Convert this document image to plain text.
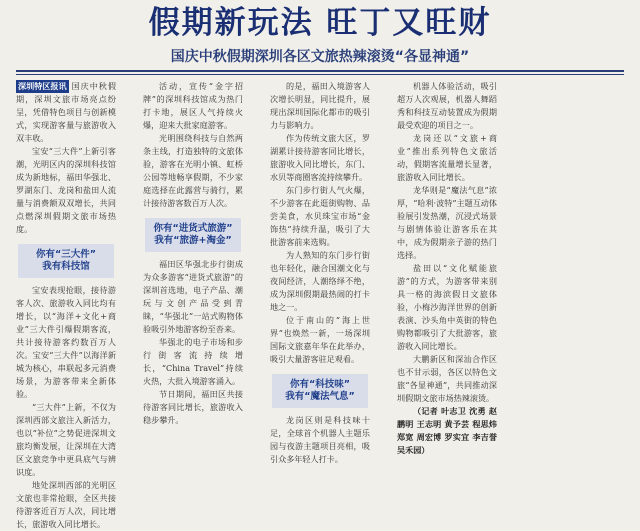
假期新玩法 旺丁又旺财
国庆中秋假期深圳各区文旅热辣滚烫“各显神通”

深圳特区报讯 国庆中秋假期，深圳文旅市场亮点纷呈，凭借特色项目与创新模式，实现游客量与旅游收入双丰收。

宝安“三大件”上新引客潮，光明区内的深圳科技馆成为新地标，福田华强北、罗湖东门、龙岗和盐田人流量与消费额双双增长，共同点燃深圳假期文旅市场热度。

你有“三大件”
我有科技馆

宝安表现抢眼，接待游客人次、旅游收入同比均有增长，以“海洋+文化+商业”三大件引爆假期客流，共计接待游客约数百万人次。宝安“三大件”以海洋新城为核心，串联起多元消费场景，为游客带来全新体验。

“三大件”上新，不仅为深圳西部文旅注入新活力，也以“补位”之势促进深圳文旅均衡发展，让深圳在大湾区文旅竞争中更具底气与辨识度。

地处深圳西部的光明区文旅也非常抢眼，全区共接待游客近百万人次，同比增长，旅游收入同比增长。

活动，宣传“金字招牌”的深圳科技馆成为热门打卡地，展区人气持续火爆，迎来大批家庭游客。

光明围绕科技与自然两条主线，打造独特的文旅体验，游客在光明小镇、虹桥公园等地畅享假期，不少家庭选择在此露营与骑行，累计接待游客数百万人次。

你有“进货式旅游”
我有“旅游+淘金”

福田区华强北步行街成为众多游客“进货式旅游”的深圳首选地，电子产品、潮玩与文创产品受到青睐，“华强北”一站式购物体验吸引外地游客纷至沓来。

华强北的电子市场和步行街客流持续增长，“China Travel”持续火热，大批入境游客涌入。

节日期间，福田区共接待游客同比增长，旅游收入稳步攀升。

的是，福田入境游客人次增长明显，同比提升，展现出深圳国际化都市的吸引力与影响力。

作为传统文旅大区，罗湖累计接待游客同比增长，旅游收入同比增长，东门、水贝等商圈客流持续攀升。

东门步行街人气火爆，不少游客在此逛街购物、品尝美食，水贝珠宝市场“金饰热”持续升温，吸引了大批游客前来选购。

为人熟知的东门步行街也年轻化，融合国潮文化与夜间经济，人潮络绎不绝，成为深圳假期最热闹的打卡地之一。

位于南山的“海上世界”也焕然一新，一场深圳国际文旅嘉年华在此举办，吸引大量游客驻足观看。

你有“科技味”
我有“魔法气息”

龙岗区则是科技味十足，全球首个机器人主题乐园与夜游主题项目亮相，吸引众多年轻人打卡。

机器人体验活动，吸引超万人次观展，机器人舞蹈秀和科技互动装置成为假期最受欢迎的项目之一。

龙岗还以“文旅+商业”推出系列特色文旅活动，假期客流量增长显著，旅游收入同比增长。

龙华则是“魔法气息”浓厚，“哈利·波特”主题互动体验展引发热潮，沉浸式场景与剧情体验让游客乐在其中，成为假期亲子游的热门选择。

盐田以“文化赋能旅游”的方式，为游客带来别具一格的海滨假日文旅体验，小梅沙海洋世界的创新表演、沙头角中英街的特色购物都吸引了大批游客，旅游收入同比增长。

大鹏新区和深汕合作区也不甘示弱，各区以特色文旅“各显神通”，共同推动深圳假期文旅市场热辣滚烫。

（记者 叶志卫 沈勇 赵鹏明 王志明 黄予芸 程思炜 郑宽 周宏博 罗实宜 李吉誉 吴禾园）
